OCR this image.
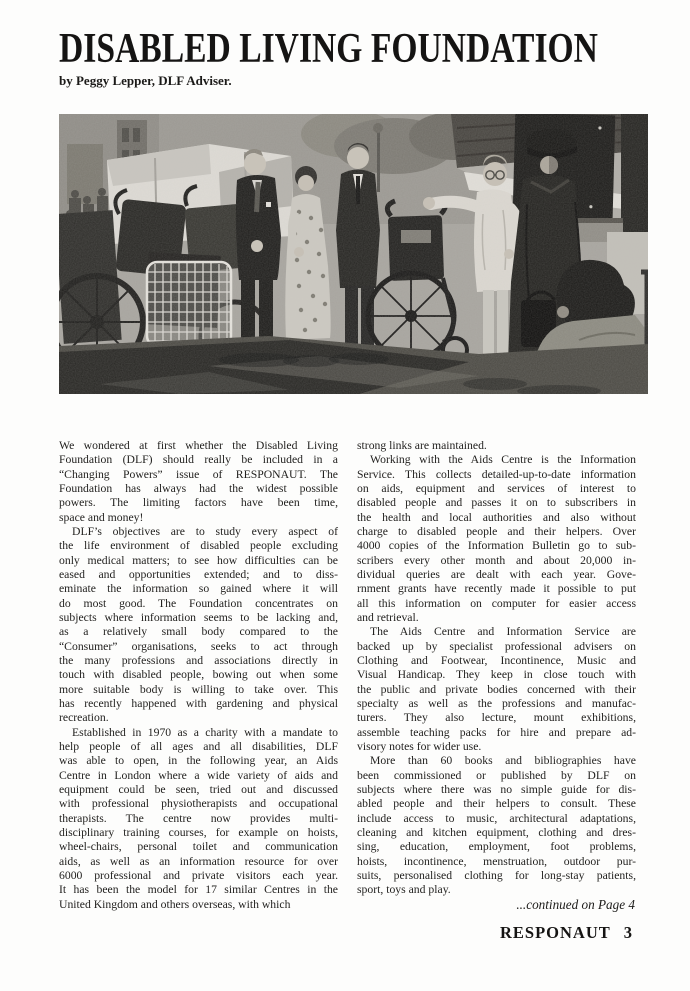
DISABLED LIVING FOUNDATION
by Peggy Lepper, DLF Adviser.
We wondered at first whether the Disabled Living
Foundation (DLF) should really be included in a
“Changing Powers” issue of RESPONAUT. The
Foundation has always had the widest possible
powers. The limiting factors have been time,
space and money!
DLF’s objectives are to study every aspect of
the life environment of disabled people excluding
only medical matters; to see how difficulties can be
eased and opportunities extended; and to diss-
eminate the information so gained where it will
do most good. The Foundation concentrates on
subjects where information seems to be lacking and,
as a relatively small body compared to the
“Consumer” organisations, seeks to act through
the many professions and associations directly in
touch with disabled people, bowing out when some
more suitable body is willing to take over. This
has recently happened with gardening and physical
recreation.
Established in 1970 as a charity with a mandate to
help people of all ages and all disabilities, DLF
was able to open, in the following year, an Aids
Centre in London where a wide variety of aids and
equipment could be seen, tried out and discussed
with professional physiotherapists and occupational
therapists. The centre now provides multi-
disciplinary training courses, for example on hoists,
wheel-chairs, personal toilet and communication
aids, as well as an information resource for over
6000 professional and private visitors each year.
It has been the model for 17 similar Centres in the
United Kingdom and others overseas, with which
strong links are maintained.
Working with the Aids Centre is the Information
Service. This collects detailed-up-to-date information
on aids, equipment and services of interest to
disabled people and passes it on to subscribers in
the health and local authorities and also without
charge to disabled people and their helpers. Over
4000 copies of the Information Bulletin go to sub-
scribers every other month and about 20,000 in-
dividual queries are dealt with each year. Gove-
rnment grants have recently made it possible to put
all this information on computer for easier access
and retrieval.
The Aids Centre and Information Service are
backed up by specialist professional advisers on
Clothing and Footwear, Incontinence, Music and
Visual Handicap. They keep in close touch with
the public and private bodies concerned with their
specialty as well as the professions and manufac-
turers. They also lecture, mount exhibitions,
assemble teaching packs for hire and prepare ad-
visory notes for wider use.
More than 60 books and bibliographies have
been commissioned or published by DLF on
subjects where there was no simple guide for dis-
abled people and their helpers to consult. These
include access to music, architectural adaptations,
cleaning and kitchen equipment, clothing and dres-
sing, education, employment, foot problems,
hoists, incontinence, menstruation, outdoor pur-
suits, personalised clothing for long-stay patients,
sport, toys and play.
...continued on Page 4
RESPONAUT 3
